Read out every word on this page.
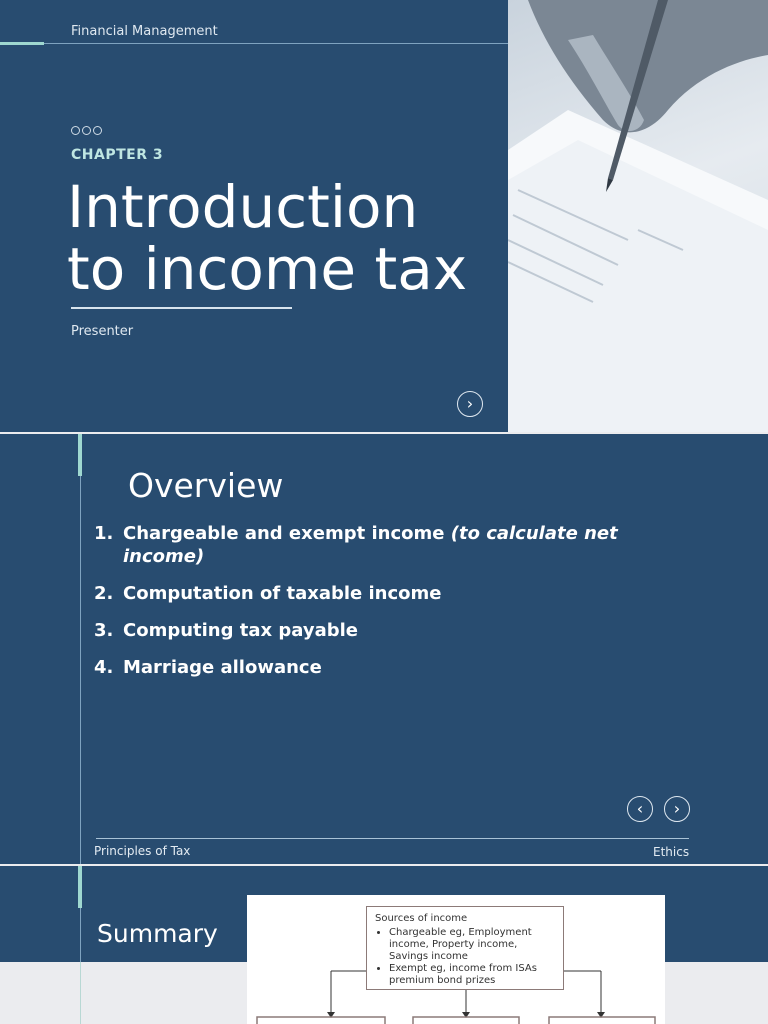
Financial Management
CHAPTER 3
Introduction
to income tax
Presenter
›
Overview
1. Chargeable and exempt income (to calculate net income)
2. Computation of taxable income
3. Computing tax payable
4. Marriage allowance
‹	›
Principles of Tax	Ethics
Summary
Sources of income
• Chargeable eg, Employment income, Property income, Savings income
• Exempt eg, income from ISAs premium bond prizes
